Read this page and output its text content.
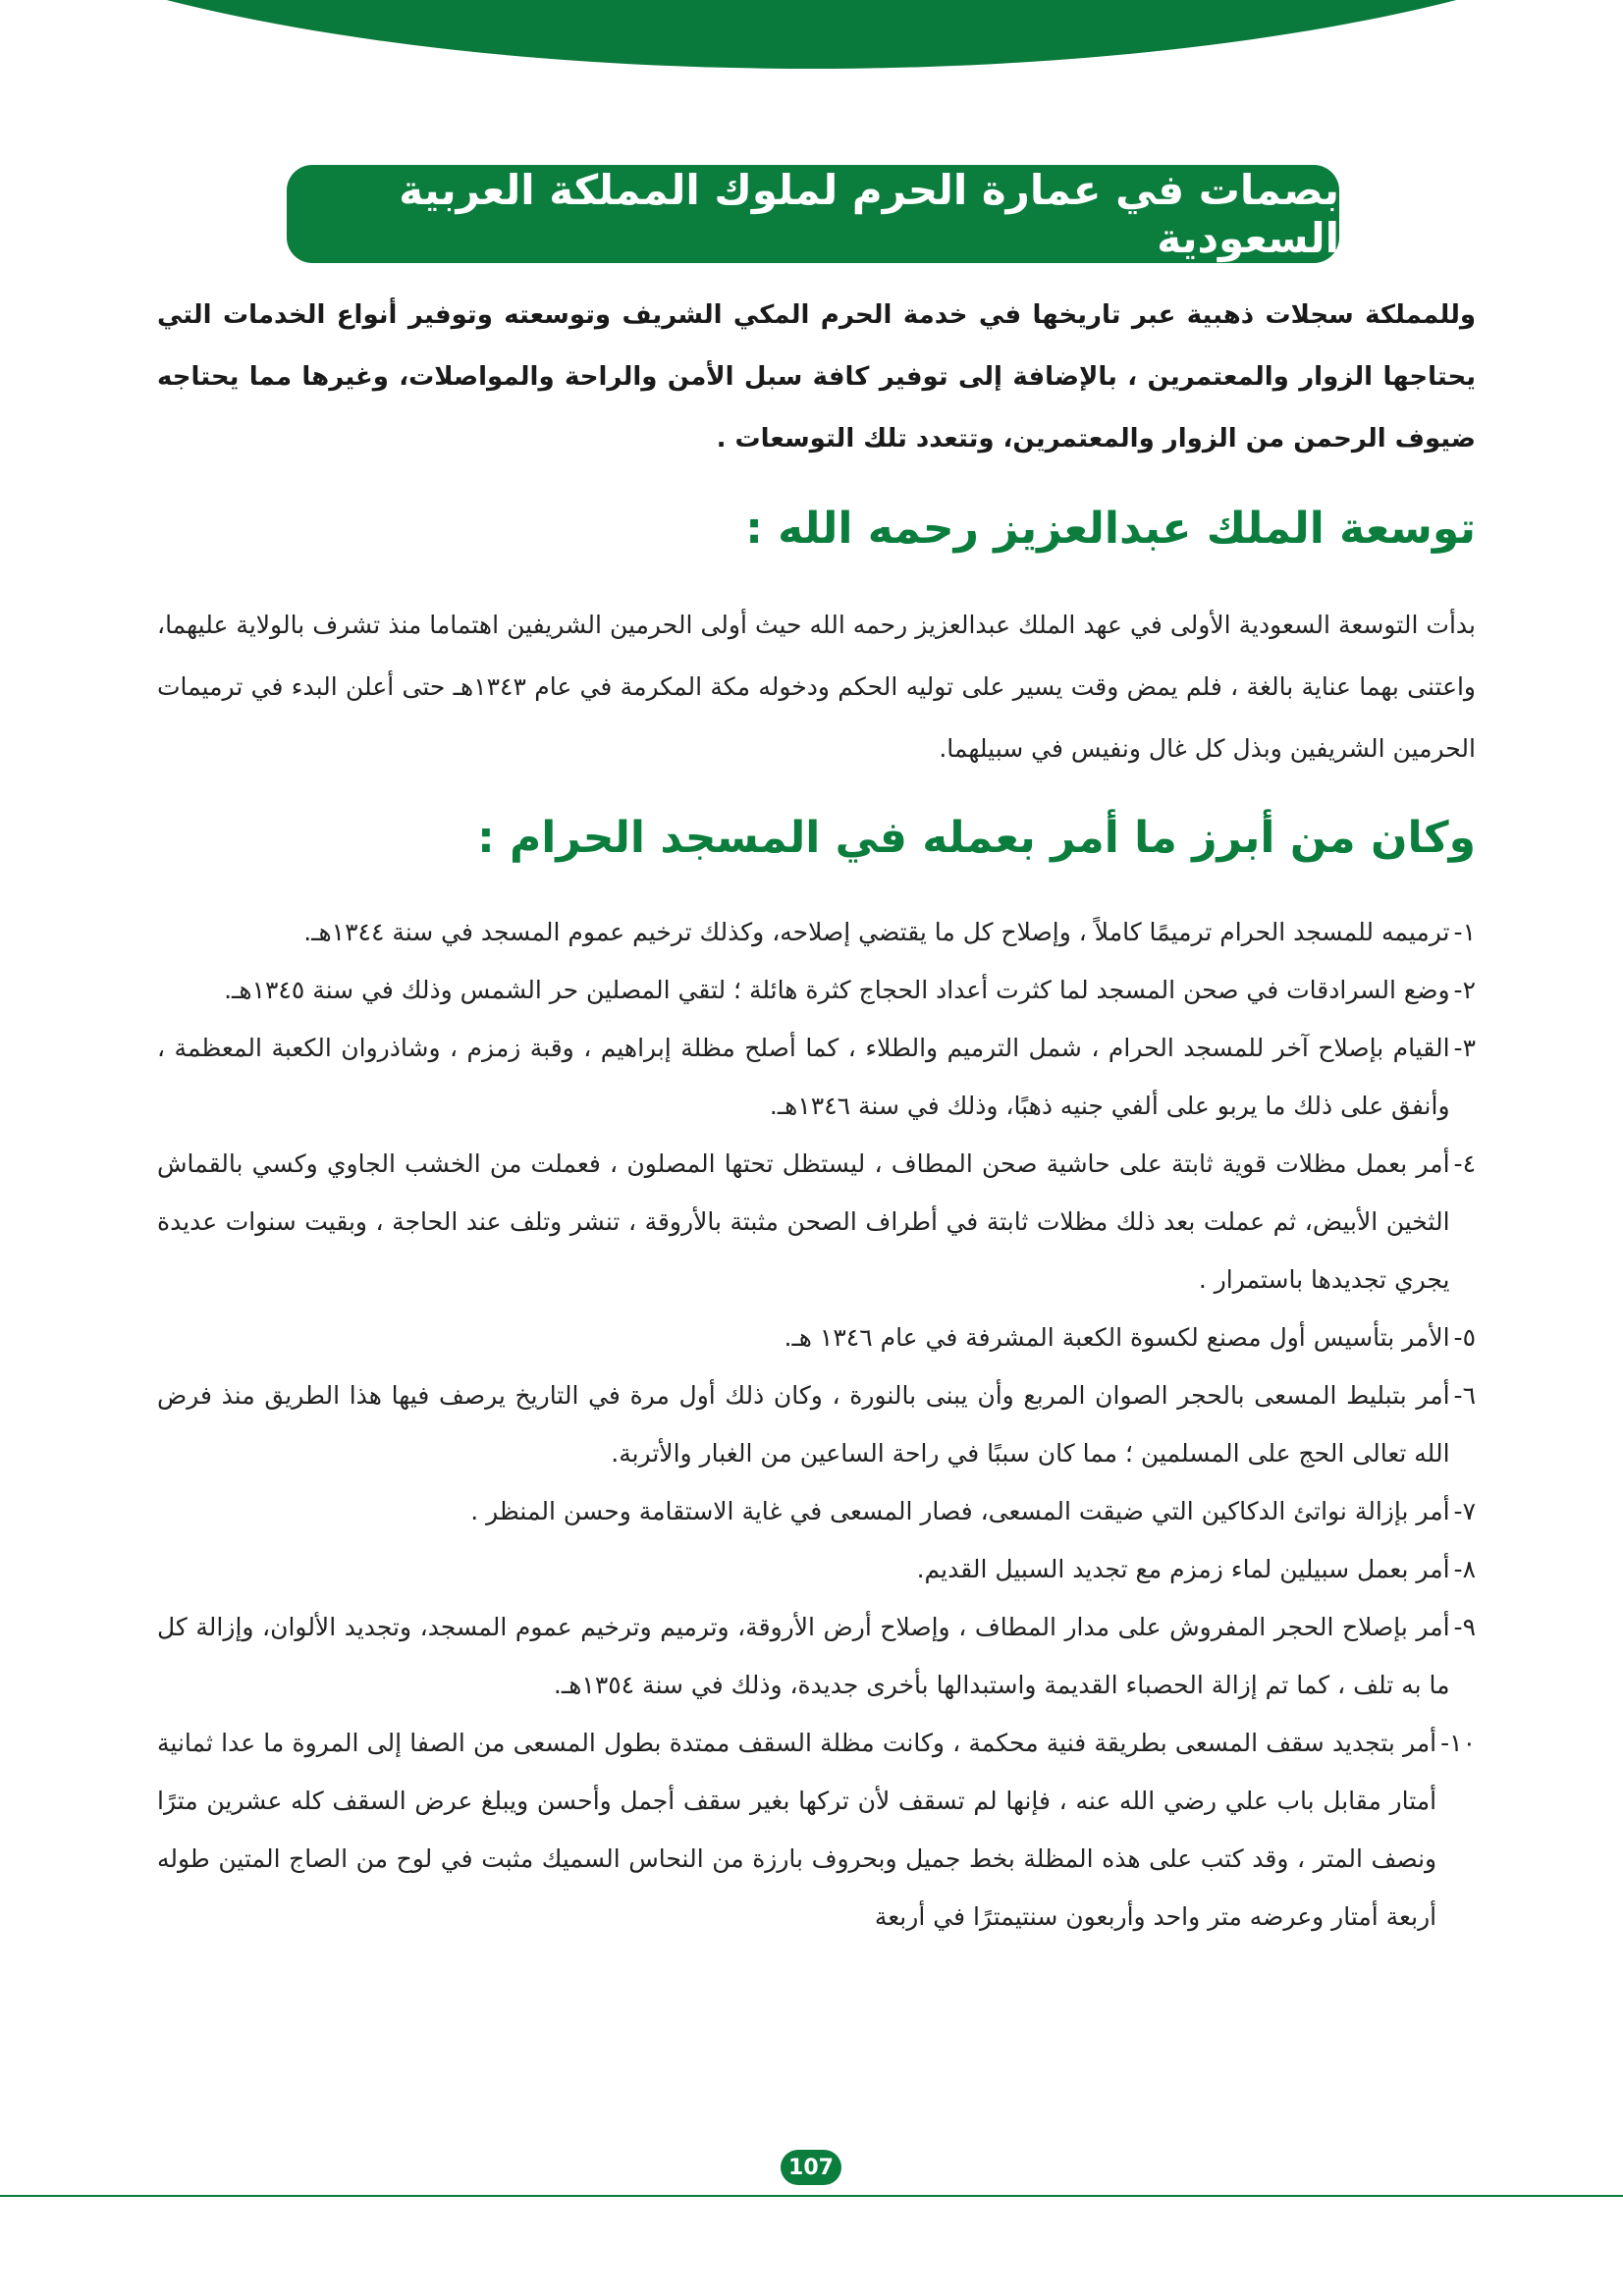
بصمات في عمارة الحرم لملوك المملكة العربية السعودية

وللمملكة سجلات ذهبية عبر تاريخها في خدمة الحرم المكي الشريف وتوسعته وتوفير أنواع الخدمات التي يحتاجها الزوار والمعتمرين ، بالإضافة إلى توفير كافة سبل الأمن والراحة والمواصلات، وغيرها مما يحتاجه ضيوف الرحمن من الزوار والمعتمرين، وتتعدد تلك التوسعات .

توسعة الملك عبدالعزيز رحمه الله :

بدأت التوسعة السعودية الأولى في عهد الملك عبدالعزيز رحمه الله حيث أولى الحرمين الشريفين اهتماما منذ تشرف بالولاية عليهما، واعتنى بهما عناية بالغة ، فلم يمض وقت يسير على توليه الحكم ودخوله مكة المكرمة في عام ١٣٤٣هـ حتى أعلن البدء في ترميمات الحرمين الشريفين وبذل كل غال ونفيس في سبيلهما.

وكان من أبرز ما أمر بعمله في المسجد الحرام :
١-
ترميمه للمسجد الحرام ترميمًا كاملاً ، وإصلاح كل ما يقتضي إصلاحه، وكذلك ترخيم عموم المسجد في سنة ١٣٤٤هـ.
٢-
وضع السرادقات في صحن المسجد لما كثرت أعداد الحجاج كثرة هائلة ؛ لتقي المصلين حر الشمس وذلك في سنة ١٣٤٥هـ.
٣-
القيام بإصلاح آخر للمسجد الحرام ، شمل الترميم والطلاء ، كما أصلح مظلة إبراهيم ، وقبة زمزم ، وشاذروان الكعبة المعظمة ، وأنفق على ذلك ما يربو على ألفي جنيه ذهبًا، وذلك في سنة ١٣٤٦هـ.
٤-
أمر بعمل مظلات قوية ثابتة على حاشية صحن المطاف ، ليستظل تحتها المصلون ، فعملت من الخشب الجاوي وكسي بالقماش الثخين الأبيض، ثم عملت بعد ذلك مظلات ثابتة في أطراف الصحن مثبتة بالأروقة ، تنشر وتلف عند الحاجة ، وبقيت سنوات عديدة يجري تجديدها باستمرار .
٥-
الأمر بتأسيس أول مصنع لكسوة الكعبة المشرفة في عام ١٣٤٦ هـ.
٦-
أمر بتبليط المسعى بالحجر الصوان المربع وأن يبنى بالنورة ، وكان ذلك أول مرة في التاريخ يرصف فيها هذا الطريق منذ فرض الله تعالى الحج على المسلمين ؛ مما كان سببًا في راحة الساعين من الغبار والأتربة.
٧-
أمر بإزالة نواتئ الدكاكين التي ضيقت المسعى، فصار المسعى في غاية الاستقامة وحسن المنظر .
٨-
أمر بعمل سبيلين لماء زمزم مع تجديد السبيل القديم.
٩-
أمر بإصلاح الحجر المفروش على مدار المطاف ، وإصلاح أرض الأروقة، وترميم وترخيم عموم المسجد، وتجديد الألوان، وإزالة كل ما به تلف ، كما تم إزالة الحصباء القديمة واستبدالها بأخرى جديدة، وذلك في سنة ١٣٥٤هـ.
١٠-
أمر بتجديد سقف المسعى بطريقة فنية محكمة ، وكانت مظلة السقف ممتدة بطول المسعى من الصفا إلى المروة ما عدا ثمانية أمتار مقابل باب علي رضي الله عنه ، فإنها لم تسقف لأن تركها بغير سقف أجمل وأحسن ويبلغ عرض السقف كله عشرين مترًا ونصف المتر ، وقد كتب على هذه المظلة بخط جميل وبحروف بارزة من النحاس السميك مثبت في لوح من الصاج المتين طوله أربعة أمتار وعرضه متر واحد وأربعون سنتيمترًا في أربعة
107
